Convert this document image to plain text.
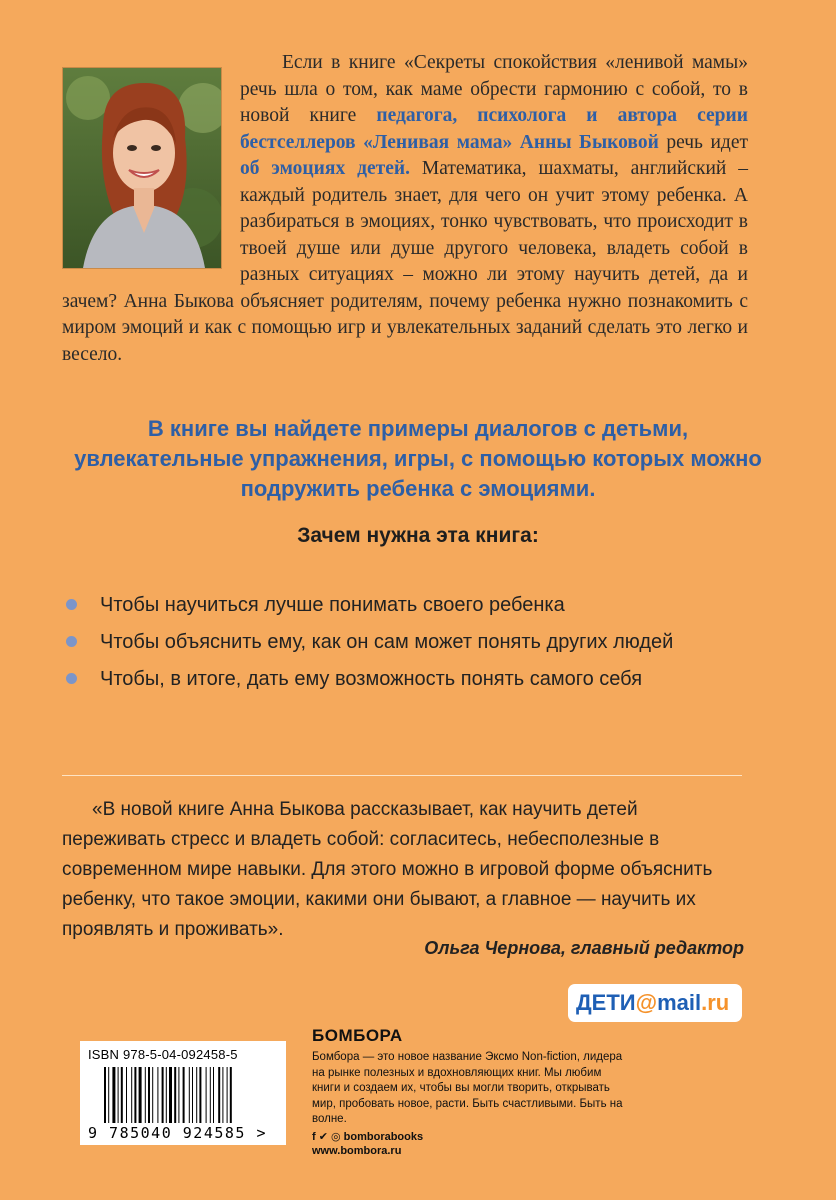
Если в книге «Секреты спокойствия «ленивой мамы» речь шла о том, как маме обрести гармонию с собой, то в новой книге педагога, психолога и автора серии бестселлеров «Ленивая мама» Анны Быковой речь идет об эмоциях детей. Математика, шахматы, английский – каждый родитель знает, для чего он учит этому ребенка. А разбираться в эмоциях, тонко чувствовать, что происходит в твоей душе или душе другого человека, владеть собой в разных ситуациях – можно ли этому научить детей, да и зачем? Анна Быкова объясняет родителям, почему ребенка нужно познакомить с миром эмоций и как с помощью игр и увлекательных заданий сделать это легко и весело.

В книге вы найдете примеры диалогов с детьми, увлекательные упражнения, игры, с помощью которых можно подружить ребенка с эмоциями.

Зачем нужна эта книга:

Чтобы научиться лучше понимать своего ребенка
Чтобы объяснить ему, как он сам может понять других людей
Чтобы, в итоге, дать ему возможность понять самого себя

«В новой книге Анна Быкова рассказывает, как научить детей переживать стресс и владеть собой: согласитесь, небесполезные в современном мире навыки. Для этого можно в игровой форме объяснить ребенку, что такое эмоции, какими они бывают, а главное — научить их проявлять и проживать».

Ольга Чернова, главный редактор

ДЕТИ@mail.ru
ISBN 978-5-04-092458-5
9 785040 924585 >

БОМБОРА

Бомбора — это новое название Эксмо Non-fiction, лидера на рынке полезных и вдохновляющих книг. Мы любим книги и создаем их, чтобы вы могли творить, открывать мир, пробовать новое, расти. Быть счастливыми. Быть на волне.

f ✔ ◎ bomborabooks
www.bombora.ru
